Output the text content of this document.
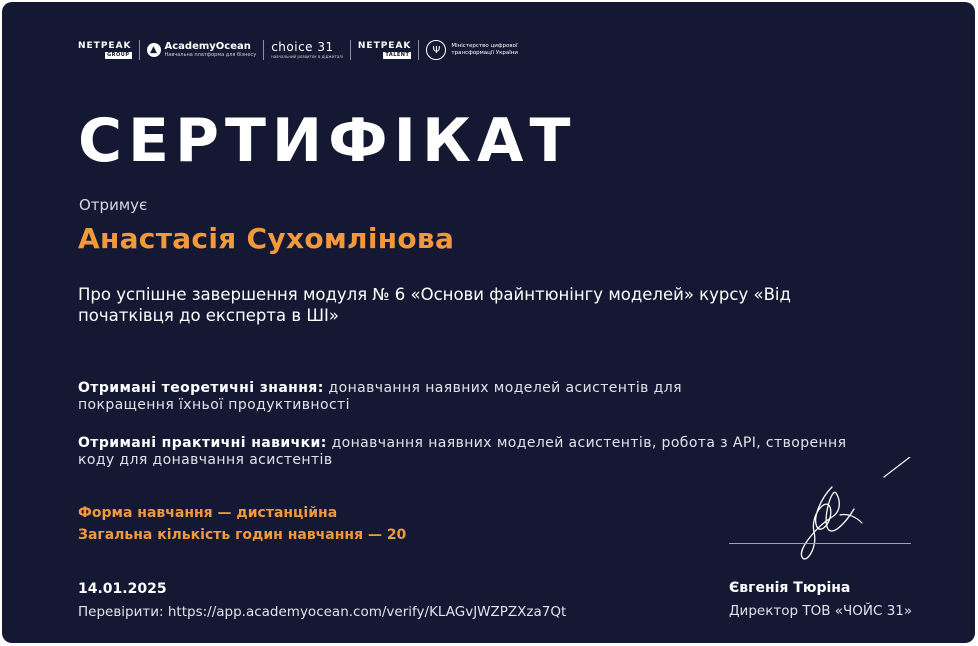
NETPEAK
GROUP	▲ AcademyOcean
Навчальна платформа для бізнесу
choice 31
навчальний розвиток в діджиталі
NETPEAK
TALENT	Ψ	Міністерство цифрової трансформації України
СЕРТИФІКАТ
Отримує
Анастасія Сухомлінова
Про успішне завершення модуля № 6 «Основи файнтюнінгу моделей» курсу «Від початківця до експерта в ШІ»
Отримані теоретичні знання: донавчання наявних моделей асистентів для покращення їхньої продуктивності
Отримані практичні навички: донавчання наявних моделей асистентів, робота з API, створення коду для донавчання асистентів
Форма навчання — дистанційна
Загальна кількість годин навчання — 20
14.01.2025
Перевірити: https://app.academyocean.com/verify/KLAGvJWZPZXza7Qt
Євгенія Тюріна
Директор ТОВ «ЧОЙС 31»
